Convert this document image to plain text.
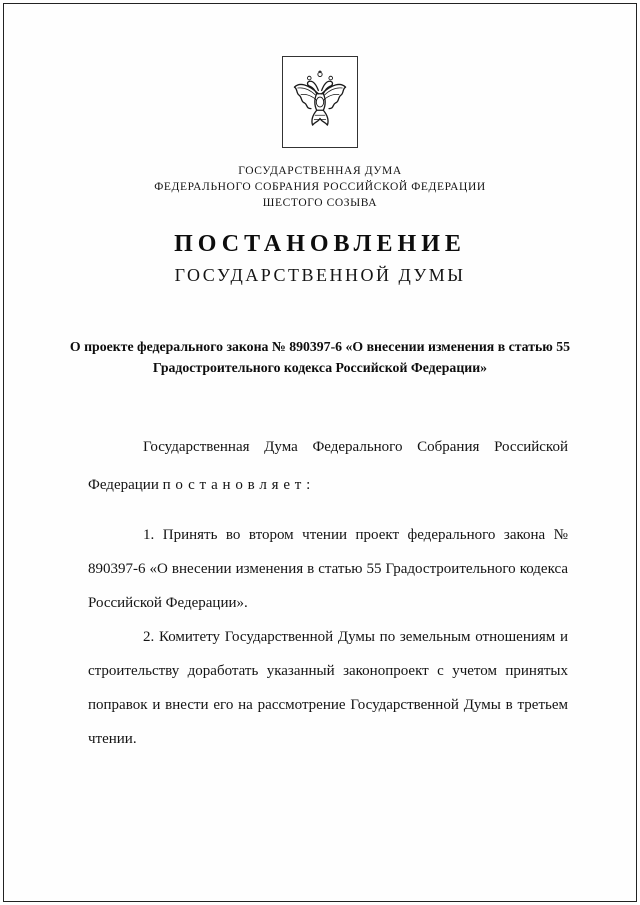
ГОСУДАРСТВЕННАЯ ДУМА
ФЕДЕРАЛЬНОГО СОБРАНИЯ РОССИЙСКОЙ ФЕДЕРАЦИИ
ШЕСТОГО СОЗЫВА
ПОСТАНОВЛЕНИЕ
ГОСУДАРСТВЕННОЙ ДУМЫ
О проекте федерального закона № 890397-6 «О внесении изменения в статью 55 Градостроительного кодекса Российской Федерации»

Государственная Дума Федерального Собрания Российской Федерации постановляет:

1. Принять во втором чтении проект федерального закона № 890397-6 «О внесении изменения в статью 55 Градостроительного кодекса Российской Федерации».

2. Комитету Государственной Думы по земельным отношениям и строительству доработать указанный законопроект с учетом принятых поправок и внести его на рассмотрение Государственной Думы в третьем чтении.
